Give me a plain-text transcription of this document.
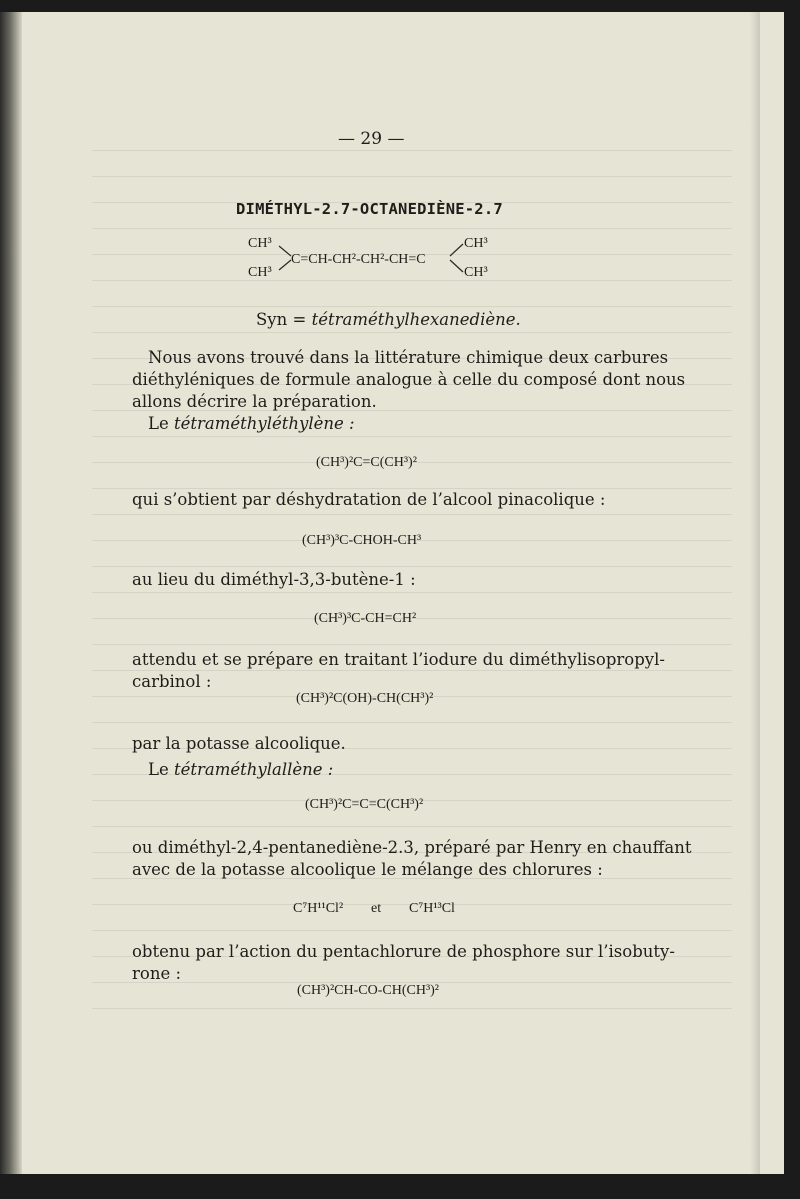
— 29 —
DIMÉTHYL-2.7-OCTANEDIÈNE-2.7
CH³
CH³
C=CH-CH²-CH²-CH=C
CH³
CH³
Syn = tétraméthylhexanediène.
Nous avons trouvé dans la littérature chimique deux carbures
diéthyléniques de formule analogue à celle du composé dont nous
allons décrire la préparation.
Le tétraméthyléthylène :
(CH³)²C=C(CH³)²
qui s’obtient par déshydratation de l’alcool pinacolique :
(CH³)³C-CHOH-CH³
au lieu du diméthyl-3,3-butène-1 :
(CH³)³C-CH=CH²
attendu et se prépare en traitant l’iodure du diméthylisopropyl-
carbinol :
(CH³)²C(OH)-CH(CH³)²
par la potasse alcoolique.
Le tétraméthylallène :
(CH³)²C=C=C(CH³)²
ou diméthyl-2,4-pentanediène-2.3, préparé par Henry en chauffant
avec de la potasse alcoolique le mélange des chlorures :
C⁷H¹¹Cl² et C⁷H¹³Cl
obtenu par l’action du pentachlorure de phosphore sur l’isobuty-
rone :
(CH³)²CH-CO-CH(CH³)²
